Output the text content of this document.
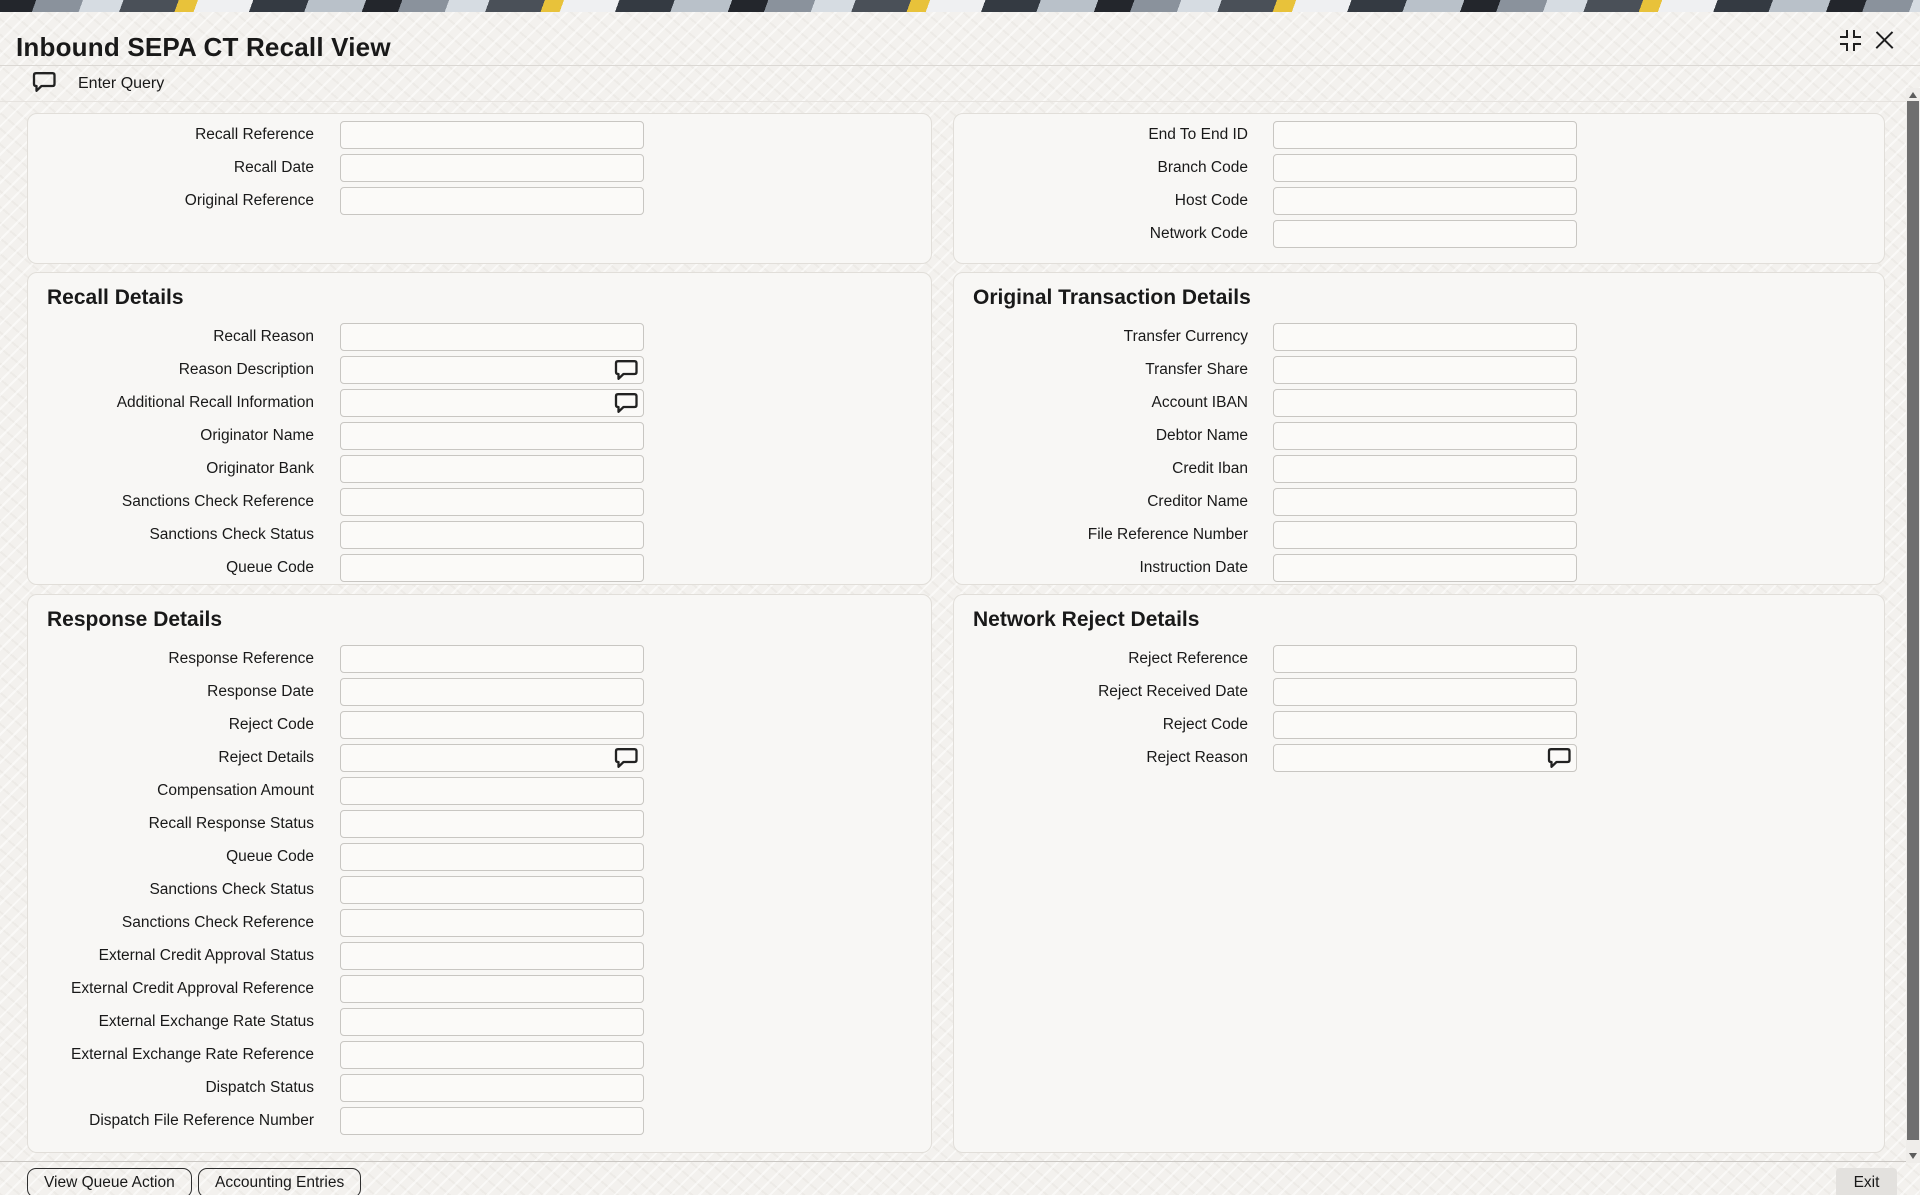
Inbound SEPA CT Recall View
Enter Query
Recall Reference
Recall Date
Original Reference
End To End ID
Branch Code
Host Code
Network Code
Recall Details
Recall Reason
Reason Description
Additional Recall Information
Originator Name
Originator Bank
Sanctions Check Reference
Sanctions Check Status
Queue Code
Original Transaction Details
Transfer Currency
Transfer Share
Account IBAN
Debtor Name
Credit Iban
Creditor Name
File Reference Number
Instruction Date
Response Details
Response Reference
Response Date
Reject Code
Reject Details
Compensation Amount
Recall Response Status
Queue Code
Sanctions Check Status
Sanctions Check Reference
External Credit Approval Status
External Credit Approval Reference
External Exchange Rate Status
External Exchange Rate Reference
Dispatch Status
Dispatch File Reference Number
Network Reject Details
Reject Reference
Reject Received Date
Reject Code
Reject Reason
View Queue Action	Accounting Entries	Exit
